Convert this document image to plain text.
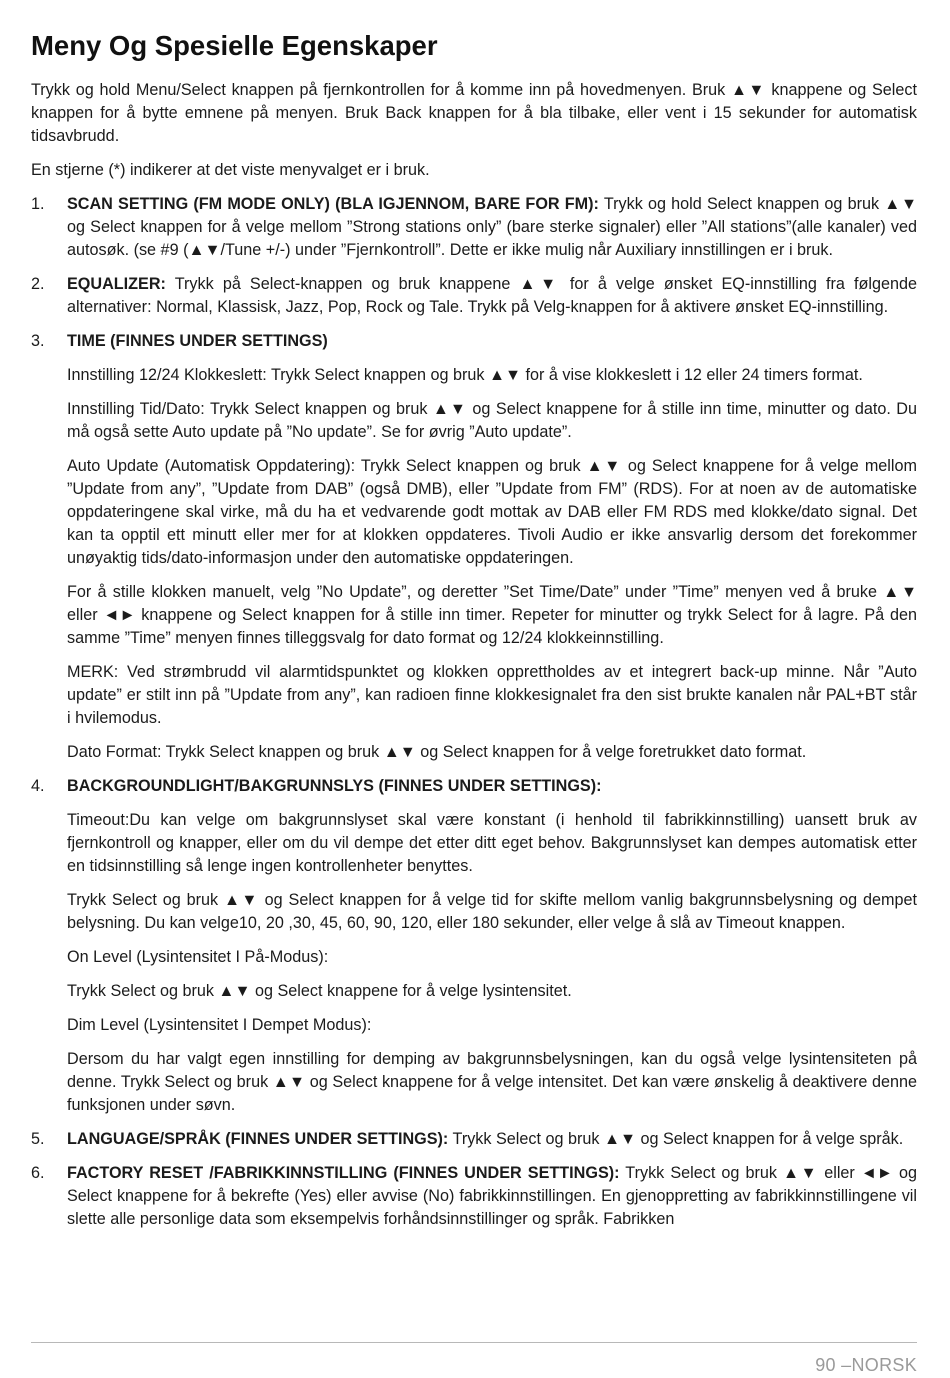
Meny Og Spesielle Egenskaper

Trykk og hold Menu/Select knappen på fjernkontrollen for å komme inn på hovedmenyen. Bruk ▲▼ knappene og Select knappen for å bytte emnene på menyen. Bruk Back knappen for å bla tilbake, eller vent i 15 sekunder for automatisk tidsavbrudd.

En stjerne (*) indikerer at det viste menyvalget er i bruk.

1. SCAN SETTING (FM MODE ONLY) (BLA IGJENNOM, BARE FOR FM): Trykk og hold Select knappen og bruk ▲▼ og Select knappen for å velge mellom ”Strong stations only” (bare sterke signaler) eller ”All stations”(alle kanaler) ved autosøk. (se #9 (▲▼/Tune +/-) under ”Fjernkontroll”. Dette er ikke mulig når Auxiliary innstillingen er i bruk.

2. EQUALIZER: Trykk på Select-knappen og bruk knappene ▲▼ for å velge ønsket EQ-innstilling fra følgende alternativer: Normal, Klassisk, Jazz, Pop, Rock og Tale. Trykk på Velg-knappen for å aktivere ønsket EQ-innstilling.

3. TIME (FINNES UNDER SETTINGS)

Innstilling 12/24 Klokkeslett: Trykk Select knappen og bruk ▲▼ for å vise klokkeslett i 12 eller 24 timers format.

Innstilling Tid/Dato: Trykk Select knappen og bruk ▲▼ og Select knappene for å stille inn time, minutter og dato. Du må også sette Auto update på ”No update”. Se for øvrig ”Auto update”.

Auto Update (Automatisk Oppdatering): Trykk Select knappen og bruk ▲▼ og Select knappene for å velge mellom ”Update from any”, ”Update from DAB” (også DMB), eller ”Update from FM” (RDS). For at noen av de automatiske oppdateringene skal virke, må du ha et vedvarende godt mottak av DAB eller FM RDS med klokke/dato signal. Det kan ta opptil ett minutt eller mer for at klokken oppdateres. Tivoli Audio er ikke ansvarlig dersom det forekommer unøyaktig tids/dato-informasjon under den automatiske oppdateringen.

For å stille klokken manuelt, velg ”No Update”, og deretter ”Set Time/Date” under ”Time” menyen ved å bruke ▲▼ eller ◄► knappene og Select knappen for å stille inn timer. Repeter for minutter og trykk Select for å lagre. På den samme ”Time” menyen finnes tilleggsvalg for dato format og 12/24 klokkeinnstilling.

MERK: Ved strømbrudd vil alarmtidspunktet og klokken opprettholdes av et integrert back-up minne. Når ”Auto update” er stilt inn på ”Update from any”, kan radioen finne klokkesignalet fra den sist brukte kanalen når PAL+BT står i hvilemodus.

Dato Format: Trykk Select knappen og bruk ▲▼ og Select knappen for å velge foretrukket dato format.

4. BACKGROUNDLIGHT/BAKGRUNNSLYS (FINNES UNDER SETTINGS):

Timeout:Du kan velge om bakgrunnslyset skal være konstant (i henhold til fabrikkinnstilling) uansett bruk av fjernkontroll og knapper, eller om du vil dempe det etter ditt eget behov. Bakgrunnslyset kan dempes automatisk etter en tidsinnstilling så lenge ingen kontrollenheter benyttes.

Trykk Select og bruk ▲▼ og Select knappen for å velge tid for skifte mellom vanlig bakgrunnsbelysning og dempet belysning. Du kan velge10, 20 ,30, 45, 60, 90, 120, eller 180 sekunder, eller velge å slå av Timeout knappen.

On Level (Lysintensitet I På-Modus):

Trykk Select og bruk ▲▼ og Select knappene for å velge lysintensitet.

Dim Level (Lysintensitet I Dempet Modus):

Dersom du har valgt egen innstilling for demping av bakgrunnsbelysningen, kan du også velge lysintensiteten på denne. Trykk Select og bruk ▲▼ og Select knappene for å velge intensitet. Det kan være ønskelig å deaktivere denne funksjonen under søvn.

5. LANGUAGE/SPRÅK (FINNES UNDER SETTINGS): Trykk Select og bruk ▲▼ og Select knappen for å velge språk.

6. FACTORY RESET /FABRIKKINNSTILLING (FINNES UNDER SETTINGS): Trykk Select og bruk ▲▼ eller ◄► og Select knappene for å bekrefte (Yes) eller avvise (No) fabrikkinnstillingen. En gjenoppretting av fabrikkinnstillingene vil slette alle personlige data som eksempelvis forhåndsinnstillinger og språk. Fabrikken

90 –NORSK
